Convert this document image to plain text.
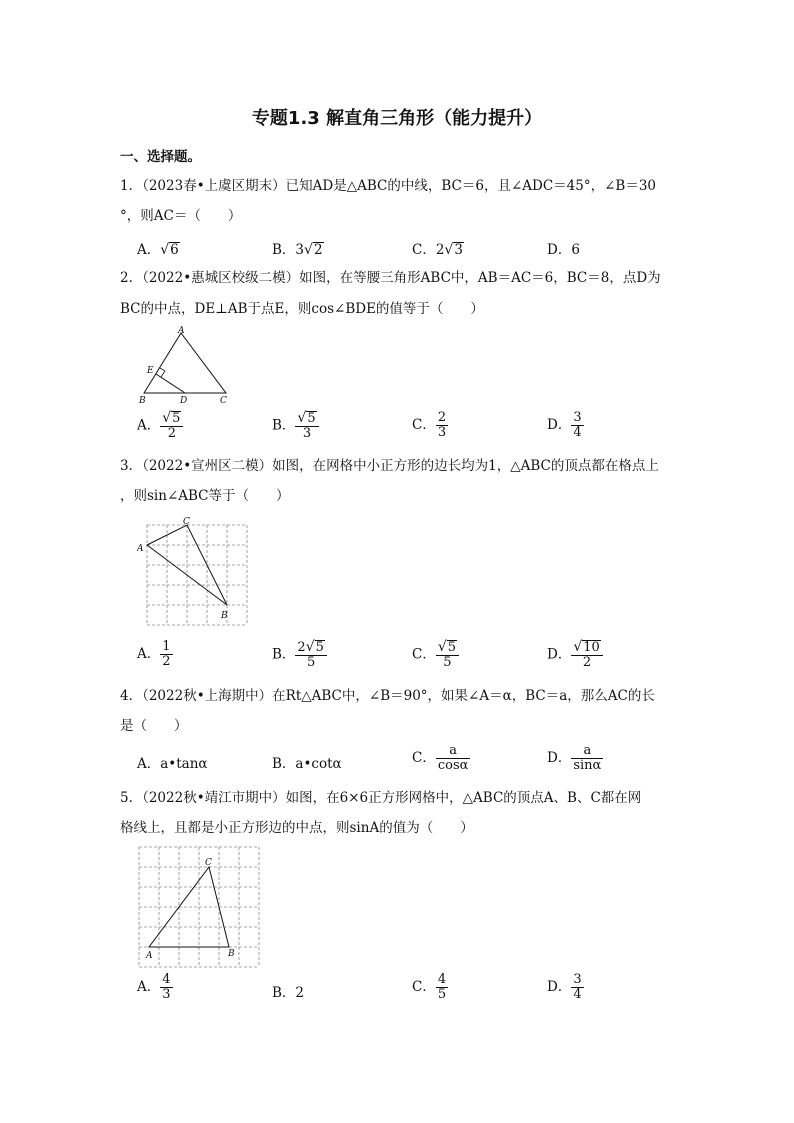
专题1.3 解直角三角形（能力提升）
一、选择题。
1．（2023春•上虞区期末）已知AD是△ABC的中线，BC＝6，且∠ADC＝45°，∠B＝30
°，则AC＝（　　）
A．√6	B．3√2	C．2√3	D．6
2．（2022•惠城区校级二模）如图，在等腰三角形ABC中，AB＝AC＝6，BC＝8，点D为
BC的中点，DE⊥AB于点E，则cos∠BDE的值等于（　　）
A
B	C
D
E
A． $\frac{√5}{2}$	B． $\frac{√5}{3}$	C． $\frac{2}{3}$	D． $\frac{3}{4}$
3．（2022•宣州区二模）如图，在网格中小正方形的边长均为1，△ABC的顶点都在格点上
，则sin∠ABC等于（　　）
A
C
B
A． $\frac{1}{2}$	B． $\frac{2√5}{5}$	C． $\frac{√5}{5}$	D． $\frac{√10}{2}$
4．（2022秋•上海期中）在Rt△ABC中，∠B＝90°，如果∠A＝α，BC＝a，那么AC的长
是（　　）
A．a•tanα	B．a•cotα	C． $\frac{a}{\cos\alpha}$	D． $\frac{a}{\sin\alpha}$
5．（2022秋•靖江市期中）如图，在6×6正方形网格中，△ABC的顶点A、B、C都在网
格线上，且都是小正方形边的中点，则sinA的值为（　　）
A	B
C
A． $\frac{4}{3}$	B．2	C． $\frac{4}{5}$	D． $\frac{3}{4}$
